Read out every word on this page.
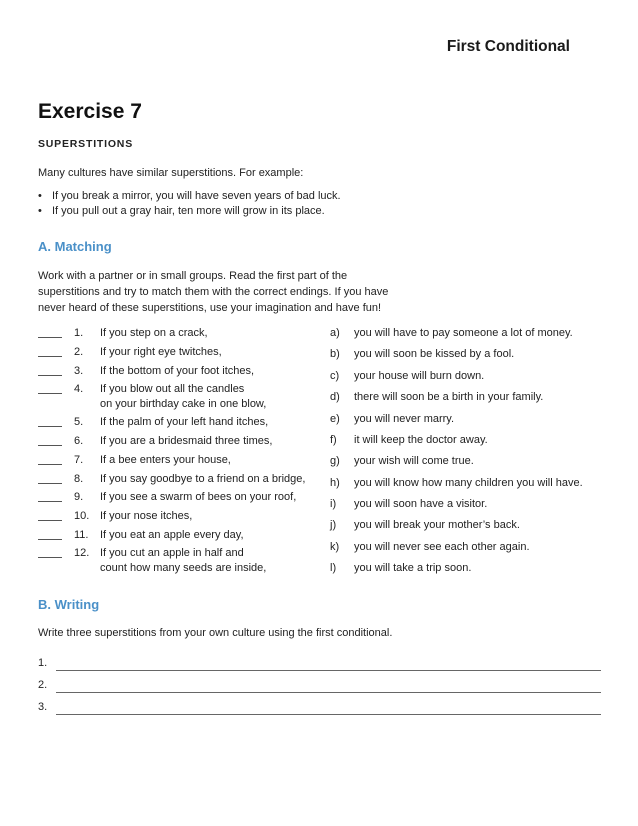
First Conditional
Exercise 7
SUPERSTITIONS
Many cultures have similar superstitions. For example:
• If you break a mirror, you will have seven years of bad luck.
• If you pull out a gray hair, ten more will grow in its place.
A. Matching
Work with a partner or in small groups. Read the first part of the superstitions and try to match them with the correct endings. If you have never heard of these superstitions, use your imagination and have fun!
1.	If you step on a crack,
2.	If your right eye twitches,
3.	If the bottom of your foot itches,
4.	If you blow out all the candles
on your birthday cake in one blow,
5.	If the palm of your left hand itches,
6.	If you are a bridesmaid three times,
7.	If a bee enters your house,
8.	If you say goodbye to a friend on a bridge,
9.	If you see a swarm of bees on your roof,
10. If your nose itches,
11.	If you eat an apple every day,
12. If you cut an apple in half and
count how many seeds are inside,
a)	you will have to pay someone a lot of money.
b)	you will soon be kissed by a fool.
c)	your house will burn down.
d)	there will soon be a birth in your family.
e)	you will never marry.
f)	it will keep the doctor away.
g)	your wish will come true.
h)	you will know how many children you will have.
i)	you will soon have a visitor.
j)	you will break your mother’s back.
k)	you will never see each other again.
l)	you will take a trip soon.
B. Writing
Write three superstitions from your own culture using the first conditional.
1.
2.
3.
